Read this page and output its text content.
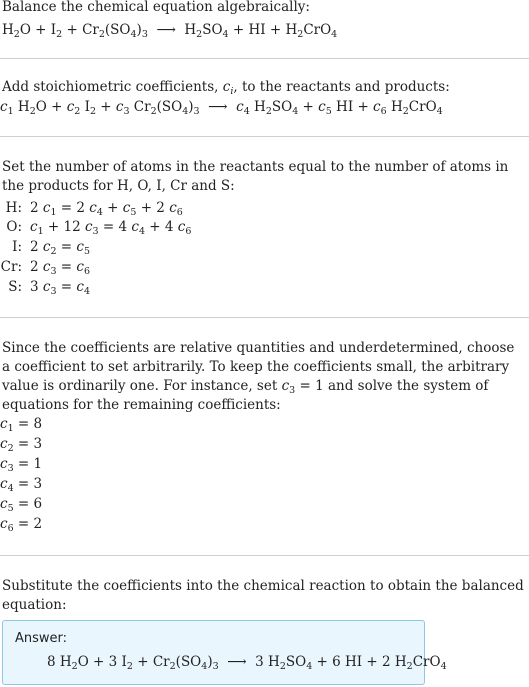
Balance the chemical equation algebraically:
$H_2O + I_2 + Cr_2(SO_4)_3$  ⟶  $H_2SO_4$ + HI + $H_2CrO_4$
Add stoichiometric coefficients, $c_i$, to the reactants and products:
$c_1$ $H_2O + c_2$ $I_2 + c_3$ $Cr_2(SO_4)_3$  ⟶  $c_4$ $H_2SO_4 + c_5$ HI + $c_6$ $H_2CrO_4$
Set the number of atoms in the reactants equal to the number of atoms in the products for H, O, I, Cr and S:
H: 2 $c_1 = 2$ $c_4 + c_5 + 2$ $c_6$
O: $c_1 + 12$ $c_3 = 4$ $c_4 + 4$ $c_6$
I: 2 $c_2 = c_5$
Cr: 2 $c_3 = c_6$
S: 3 $c_3 = c_4$
Since the coefficients are relative quantities and underdetermined, choose a coefficient to set arbitrarily. To keep the coefficients small, the arbitrary value is ordinarily one. For instance, set $c_3 = 1$ and solve the system of equations for the remaining coefficients:
$c_1 = 8$
$c_2 = 3$
$c_3 = 1$
$c_4 = 3$
$c_5 = 6$
$c_6 = 2$
Substitute the coefficients into the chemical reaction to obtain the balanced equation:
Answer:
8 $H_2O + 3$ $I_2 + Cr_2(SO_4)_3$  ⟶  3 $H_2SO_4 + 6$ HI + 2 $H_2CrO_4$
